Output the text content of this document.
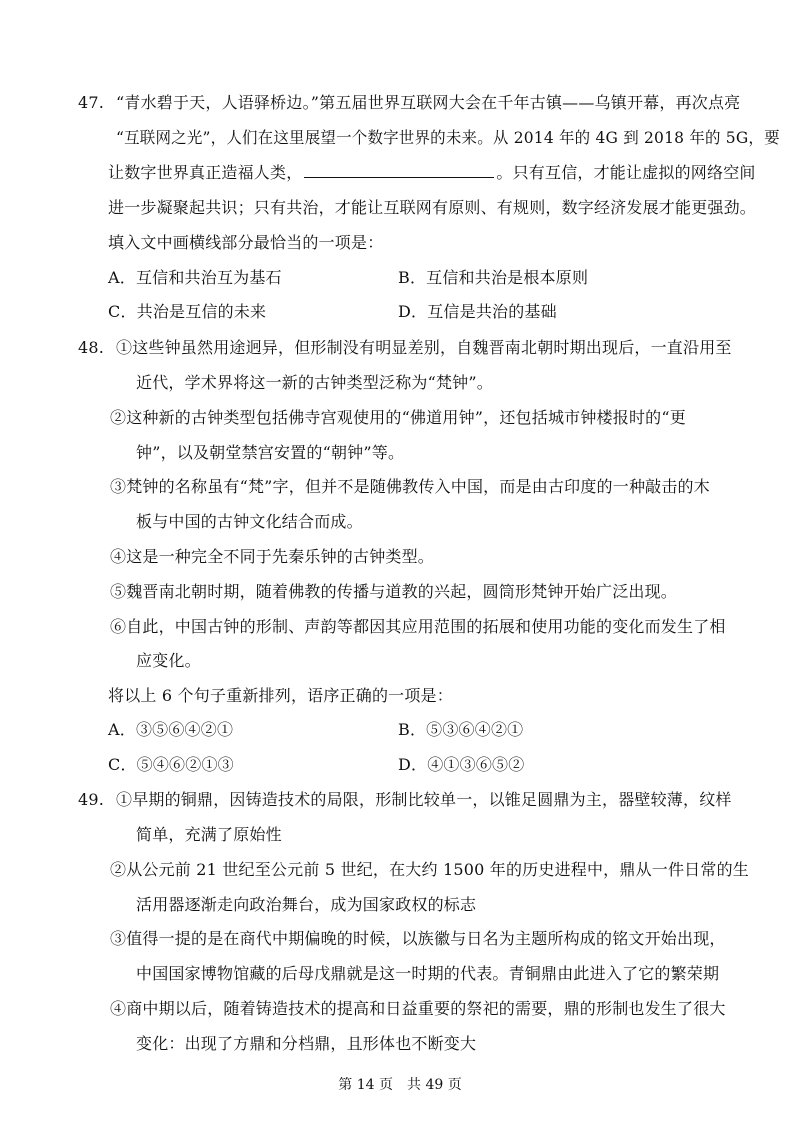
47. “青水碧于天，人语驿桥边。”第五届世界互联网大会在千年古镇——乌镇开幕，再次点亮
“互联网之光”，人们在这里展望一个数字世界的未来。从 2014 年的 4G 到 2018 年的 5G，要
让数字世界真正造福人类，	。只有互信，才能让虚拟的网络空间
进一步凝聚起共识；只有共治，才能让互联网有原则、有规则，数字经济发展才能更强劲。
填入文中画横线部分最恰当的一项是：
A．互信和共治互为基石	B．互信和共治是根本原则
C．共治是互信的未来	D．互信是共治的基础
48. ①这些钟虽然用途迥异，但形制没有明显差别，自魏晋南北朝时期出现后，一直沿用至
近代，学术界将这一新的古钟类型泛称为“梵钟”。
②这种新的古钟类型包括佛寺宫观使用的“佛道用钟”，还包括城市钟楼报时的“更
钟”，以及朝堂禁宫安置的“朝钟”等。
③梵钟的名称虽有“梵”字，但并不是随佛教传入中国，而是由古印度的一种敲击的木
板与中国的古钟文化结合而成。
④这是一种完全不同于先秦乐钟的古钟类型。
⑤魏晋南北朝时期，随着佛教的传播与道教的兴起，圆筒形梵钟开始广泛出现。
⑥自此，中国古钟的形制、声韵等都因其应用范围的拓展和使用功能的变化而发生了相
应变化。
将以上 6 个句子重新排列，语序正确的一项是：
A．③⑤⑥④②①	B．⑤③⑥④②①
C．⑤④⑥②①③	D．④①③⑥⑤②
49. ①早期的铜鼎，因铸造技术的局限，形制比较单一，以锥足圆鼎为主，器壁较薄，纹样
简单，充满了原始性
②从公元前 21 世纪至公元前 5 世纪，在大约 1500 年的历史进程中，鼎从一件日常的生
活用器逐渐走向政治舞台，成为国家政权的标志
③值得一提的是在商代中期偏晚的时候，以族徽与日名为主题所构成的铭文开始出现，
中国国家博物馆藏的后母戊鼎就是这一时期的代表。青铜鼎由此进入了它的繁荣期
④商中期以后，随着铸造技术的提高和日益重要的祭祀的需要，鼎的形制也发生了很大
变化：出现了方鼎和分档鼎，且形体也不断变大
第 14 页　共 49 页
